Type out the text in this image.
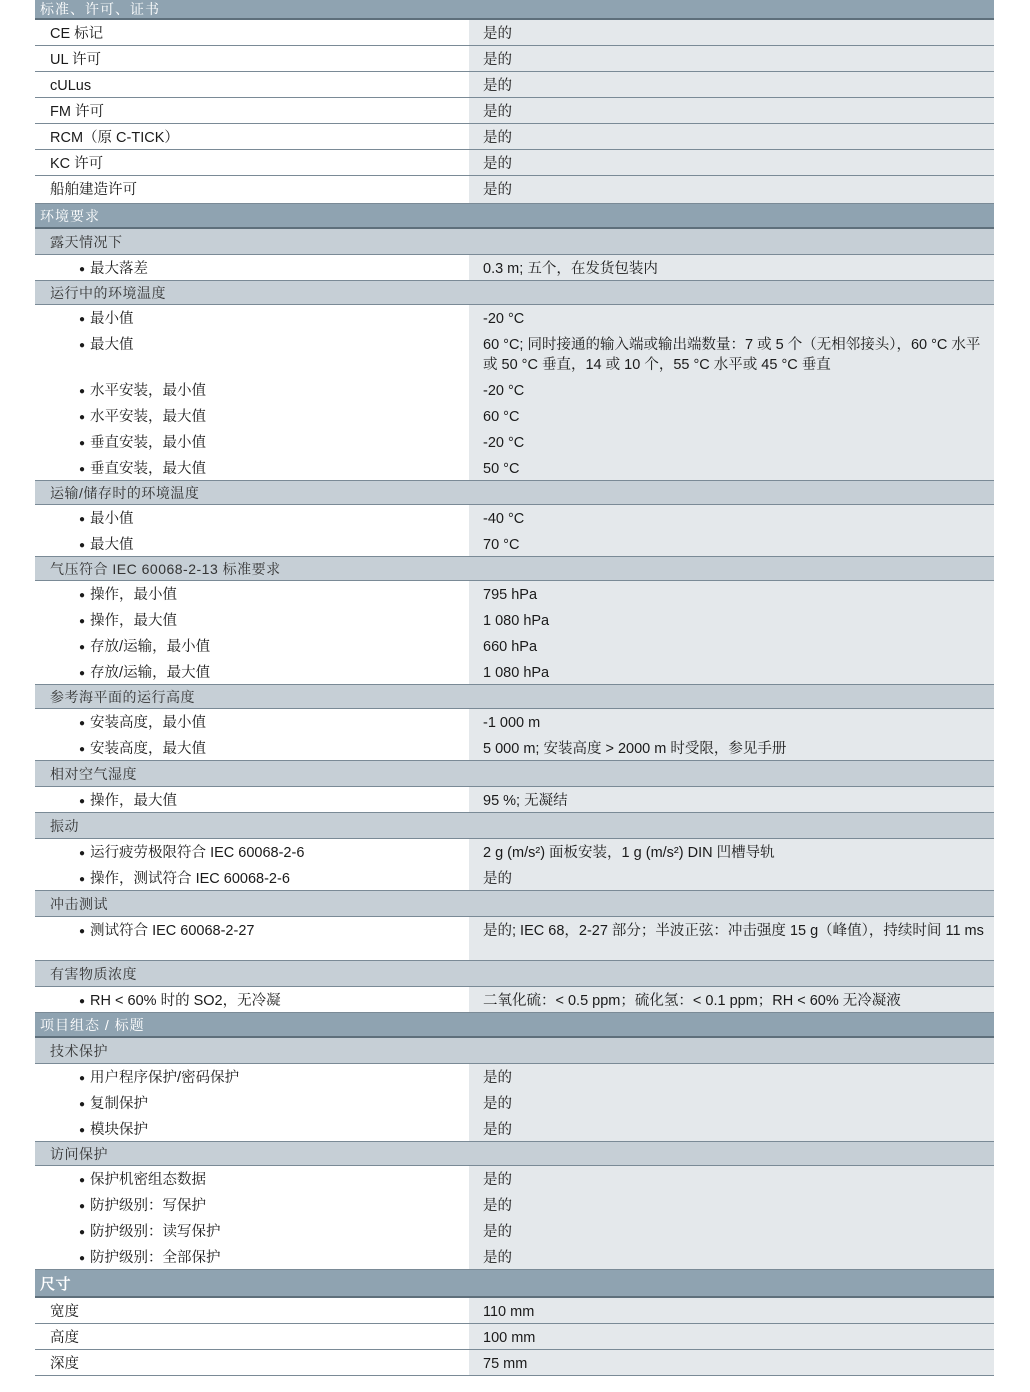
标准、许可、证书
CE 标记	是的
UL 许可	是的
cULus	是的
FM 许可	是的
RCM（原 C-TICK）	是的
KC 许可	是的
船舶建造许可	是的
环境要求
露天情况下
● 最大落差	0.3 m; 五个，在发货包装内
运行中的环境温度
● 最小值	-20 °C
● 最大值	60 °C; 同时接通的输入端或输出端数量：7 或 5 个（无相邻接头），60 °C 水平或 50 °C 垂直，14 或 10 个，55 °C 水平或 45 °C 垂直
● 水平安装，最小值	-20 °C
● 水平安装，最大值	60 °C
● 垂直安装，最小值	-20 °C
● 垂直安装，最大值	50 °C
运输/储存时的环境温度
● 最小值	-40 °C
● 最大值	70 °C
气压符合 IEC 60068-2-13 标准要求
● 操作，最小值	795 hPa
● 操作，最大值	1 080 hPa
● 存放/运输，最小值	660 hPa
● 存放/运输，最大值	1 080 hPa
参考海平面的运行高度
● 安装高度，最小值	-1 000 m
● 安装高度，最大值	5 000 m; 安装高度 > 2000 m 时受限，参见手册
相对空气湿度
● 操作，最大值	95 %; 无凝结
振动
● 运行疲劳极限符合 IEC 60068-2-6	2 g (m/s²) 面板安装，1 g (m/s²) DIN 凹槽导轨
● 操作，测试符合 IEC 60068-2-6	是的
冲击测试
● 测试符合 IEC 60068-2-27	是的; IEC 68，2-27 部分；半波正弦：冲击强度 15 g（峰值），持续时间 11 ms
有害物质浓度
● RH < 60% 时的 SO2，无冷凝	二氧化硫：< 0.5 ppm；硫化氢：< 0.1 ppm；RH < 60% 无冷凝液
项目组态 / 标题
技术保护
● 用户程序保护/密码保护	是的
● 复制保护	是的
● 模块保护	是的
访问保护
● 保护机密组态数据	是的
● 防护级别：写保护	是的
● 防护级别：读写保护	是的
● 防护级别：全部保护	是的
尺寸
宽度	110 mm
高度	100 mm
深度	75 mm
